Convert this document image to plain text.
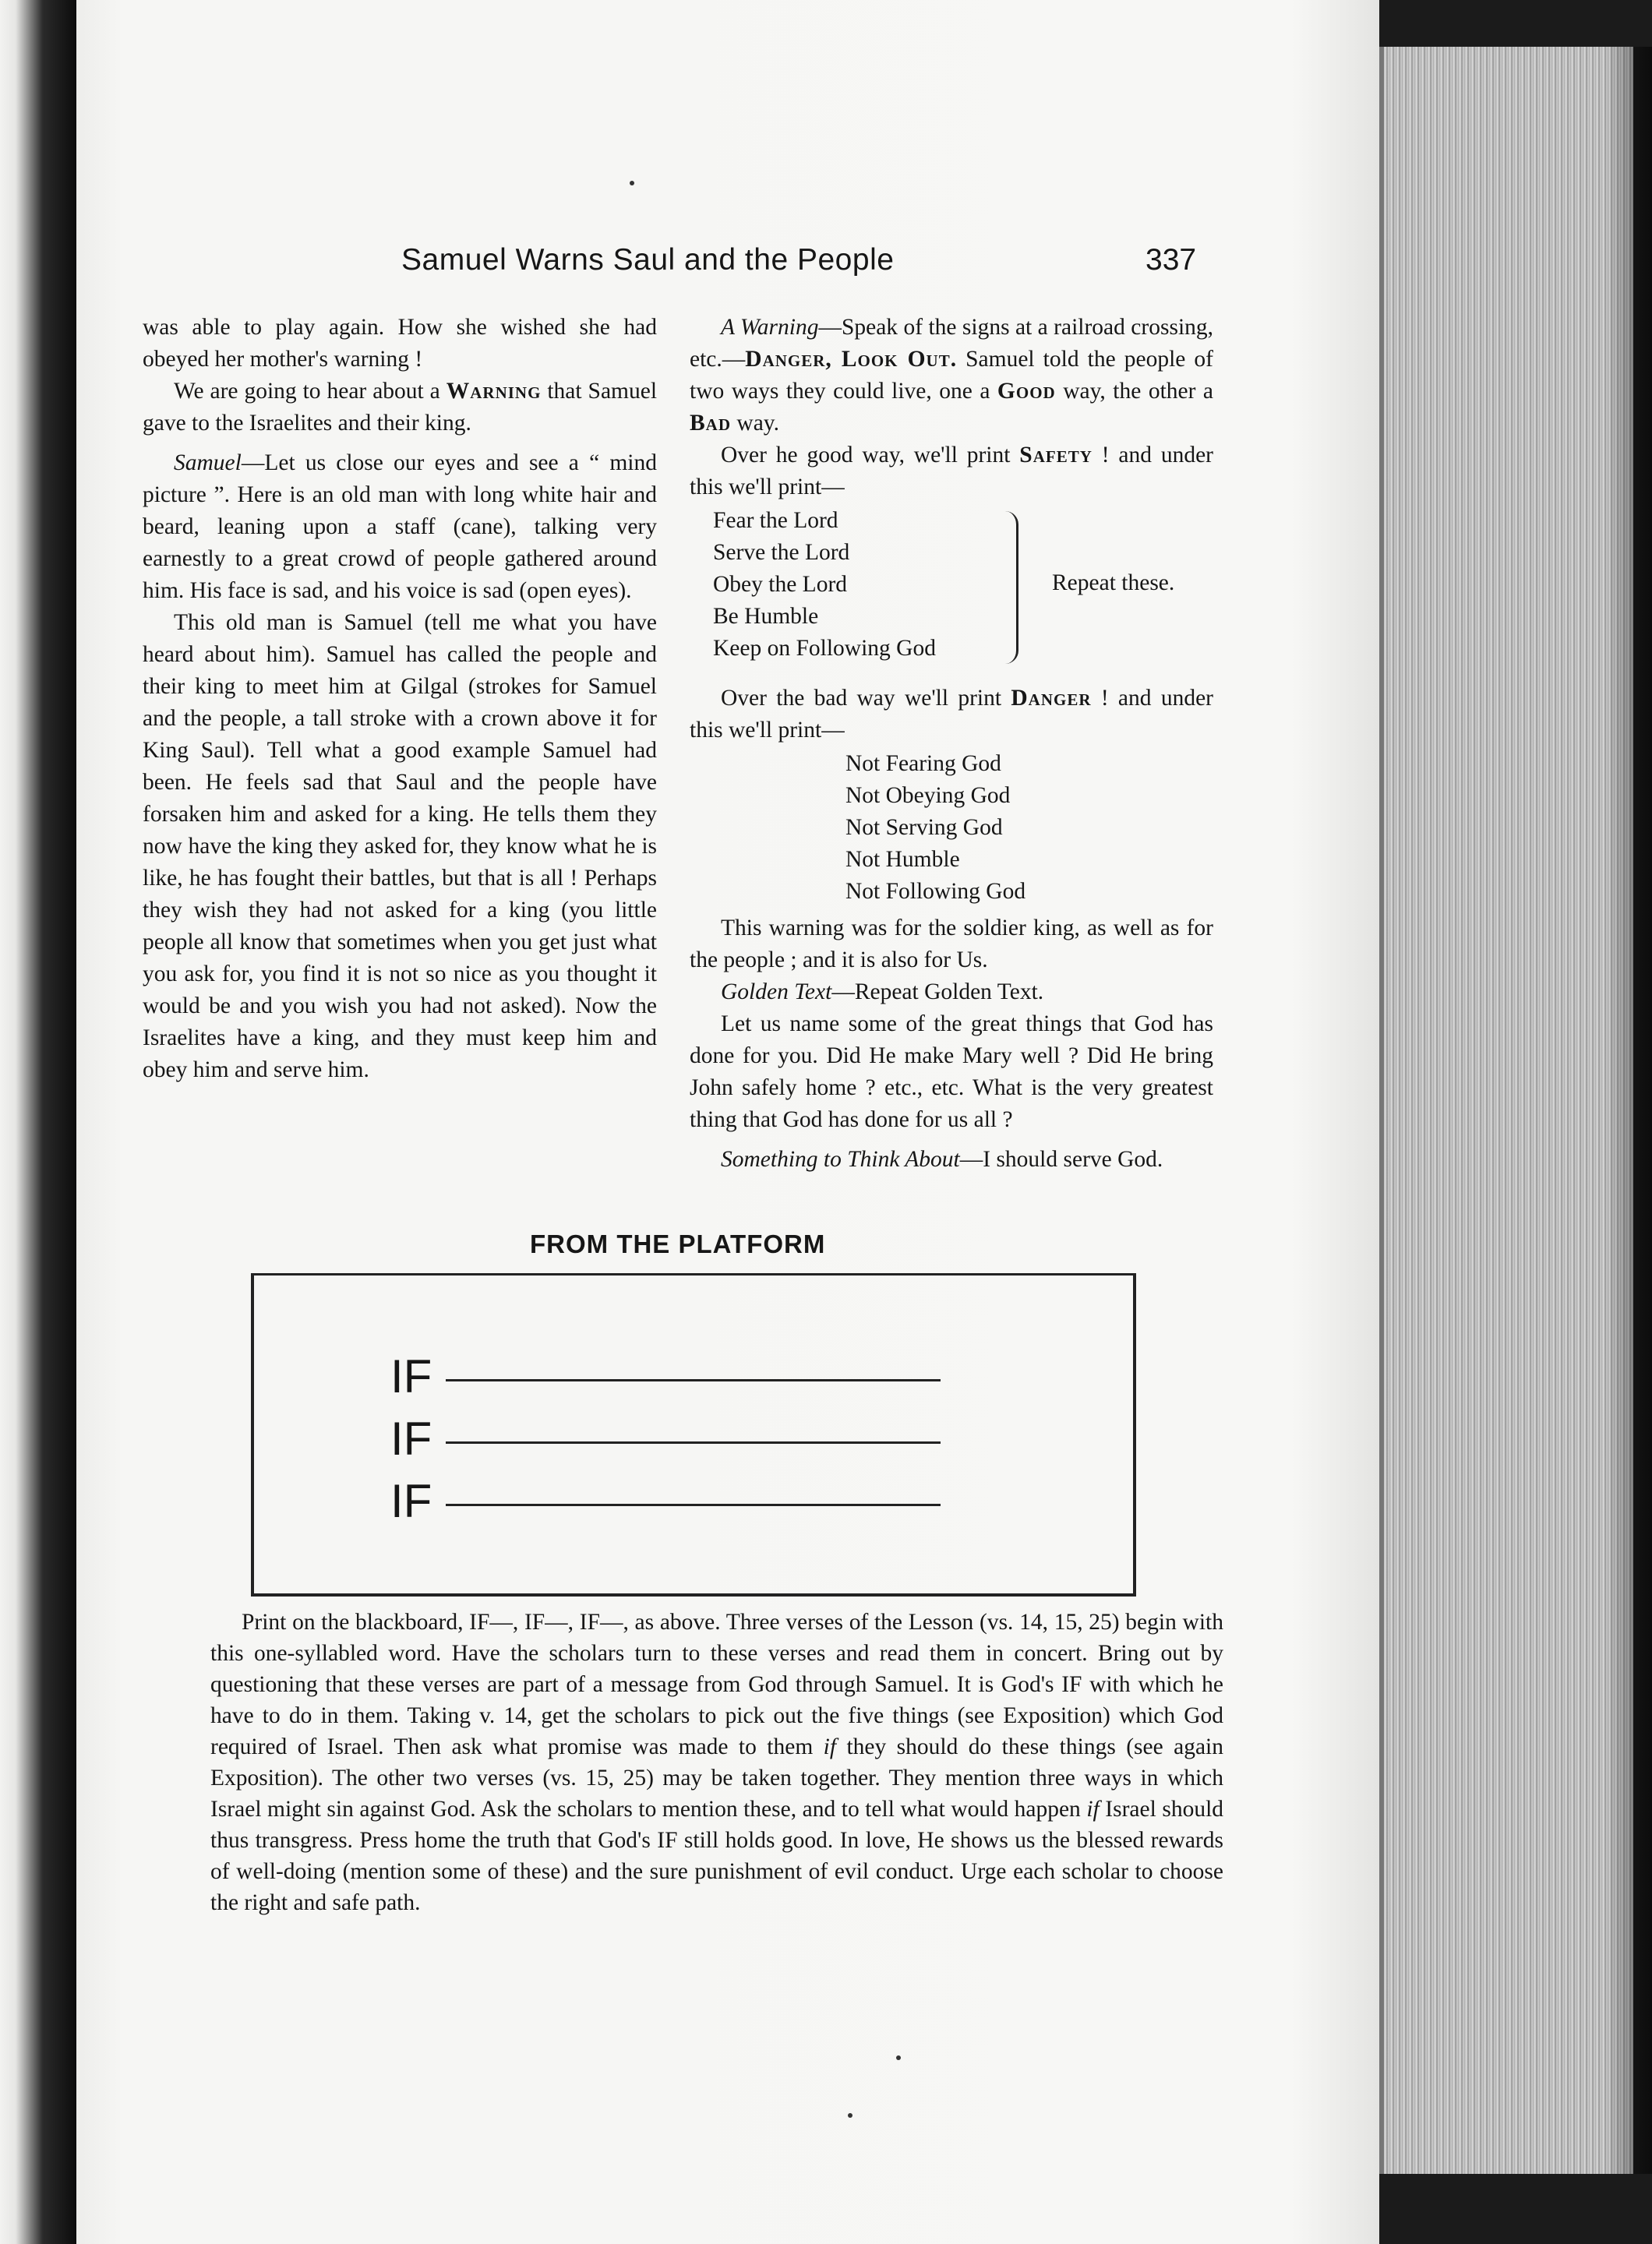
Samuel Warns Saul and the People	337

was able to play again. How she wished she had obeyed her mother's warning !

We are going to hear about a Warning that Samuel gave to the Israelites and their king.

Samuel—Let us close our eyes and see a “ mind picture ”. Here is an old man with long white hair and beard, leaning upon a staff (cane), talking very earnestly to a great crowd of people gathered around him. His face is sad, and his voice is sad (open eyes).

This old man is Samuel (tell me what you have heard about him). Samuel has called the people and their king to meet him at Gilgal (strokes for Samuel and the people, a tall stroke with a crown above it for King Saul). Tell what a good example Samuel had been. He feels sad that Saul and the people have forsaken him and asked for a king. He tells them they now have the king they asked for, they know what he is like, he has fought their battles, but that is all ! Perhaps they wish they had not asked for a king (you little people all know that sometimes when you get just what you ask for, you find it is not so nice as you thought it would be and you wish you had not asked). Now the Israelites have a king, and they must keep him and obey him and serve him.

A Warning—Speak of the signs at a railroad crossing, etc.—Danger, Look Out. Samuel told the people of two ways they could live, one a Good way, the other a Bad way.

Over he good way, we'll print Safety ! and under this we'll print—

Fear the Lord
Serve the Lord
Obey the Lord
Be Humble
Keep on Following God
Repeat these.

Over the bad way we'll print Danger ! and under this we'll print—

Not Fearing God
Not Obeying God
Not Serving God
Not Humble
Not Following God

This warning was for the soldier king, as well as for the people ; and it is also for Us.

Golden Text—Repeat Golden Text.

Let us name some of the great things that God has done for you. Did He make Mary well ? Did He bring John safely home ? etc., etc. What is the very greatest thing that God has done for us all ?

Something to Think About—I should serve God.

FROM THE PLATFORM
IF
IF
IF

Print on the blackboard, IF—, IF—, IF—, as above. Three verses of the Lesson (vs. 14, 15, 25) begin with this one-syllabled word. Have the scholars turn to these verses and read them in concert. Bring out by questioning that these verses are part of a message from God through Samuel. It is God's IF with which he have to do in them. Taking v. 14, get the scholars to pick out the five things (see Exposition) which God required of Israel. Then ask what promise was made to them if they should do these things (see again Exposition). The other two verses (vs. 15, 25) may be taken together. They mention three ways in which Israel might sin against God. Ask the scholars to mention these, and to tell what would happen if Israel should thus transgress. Press home the truth that God's IF still holds good. In love, He shows us the blessed rewards of well-doing (mention some of these) and the sure punishment of evil conduct. Urge each scholar to choose the right and safe path.
